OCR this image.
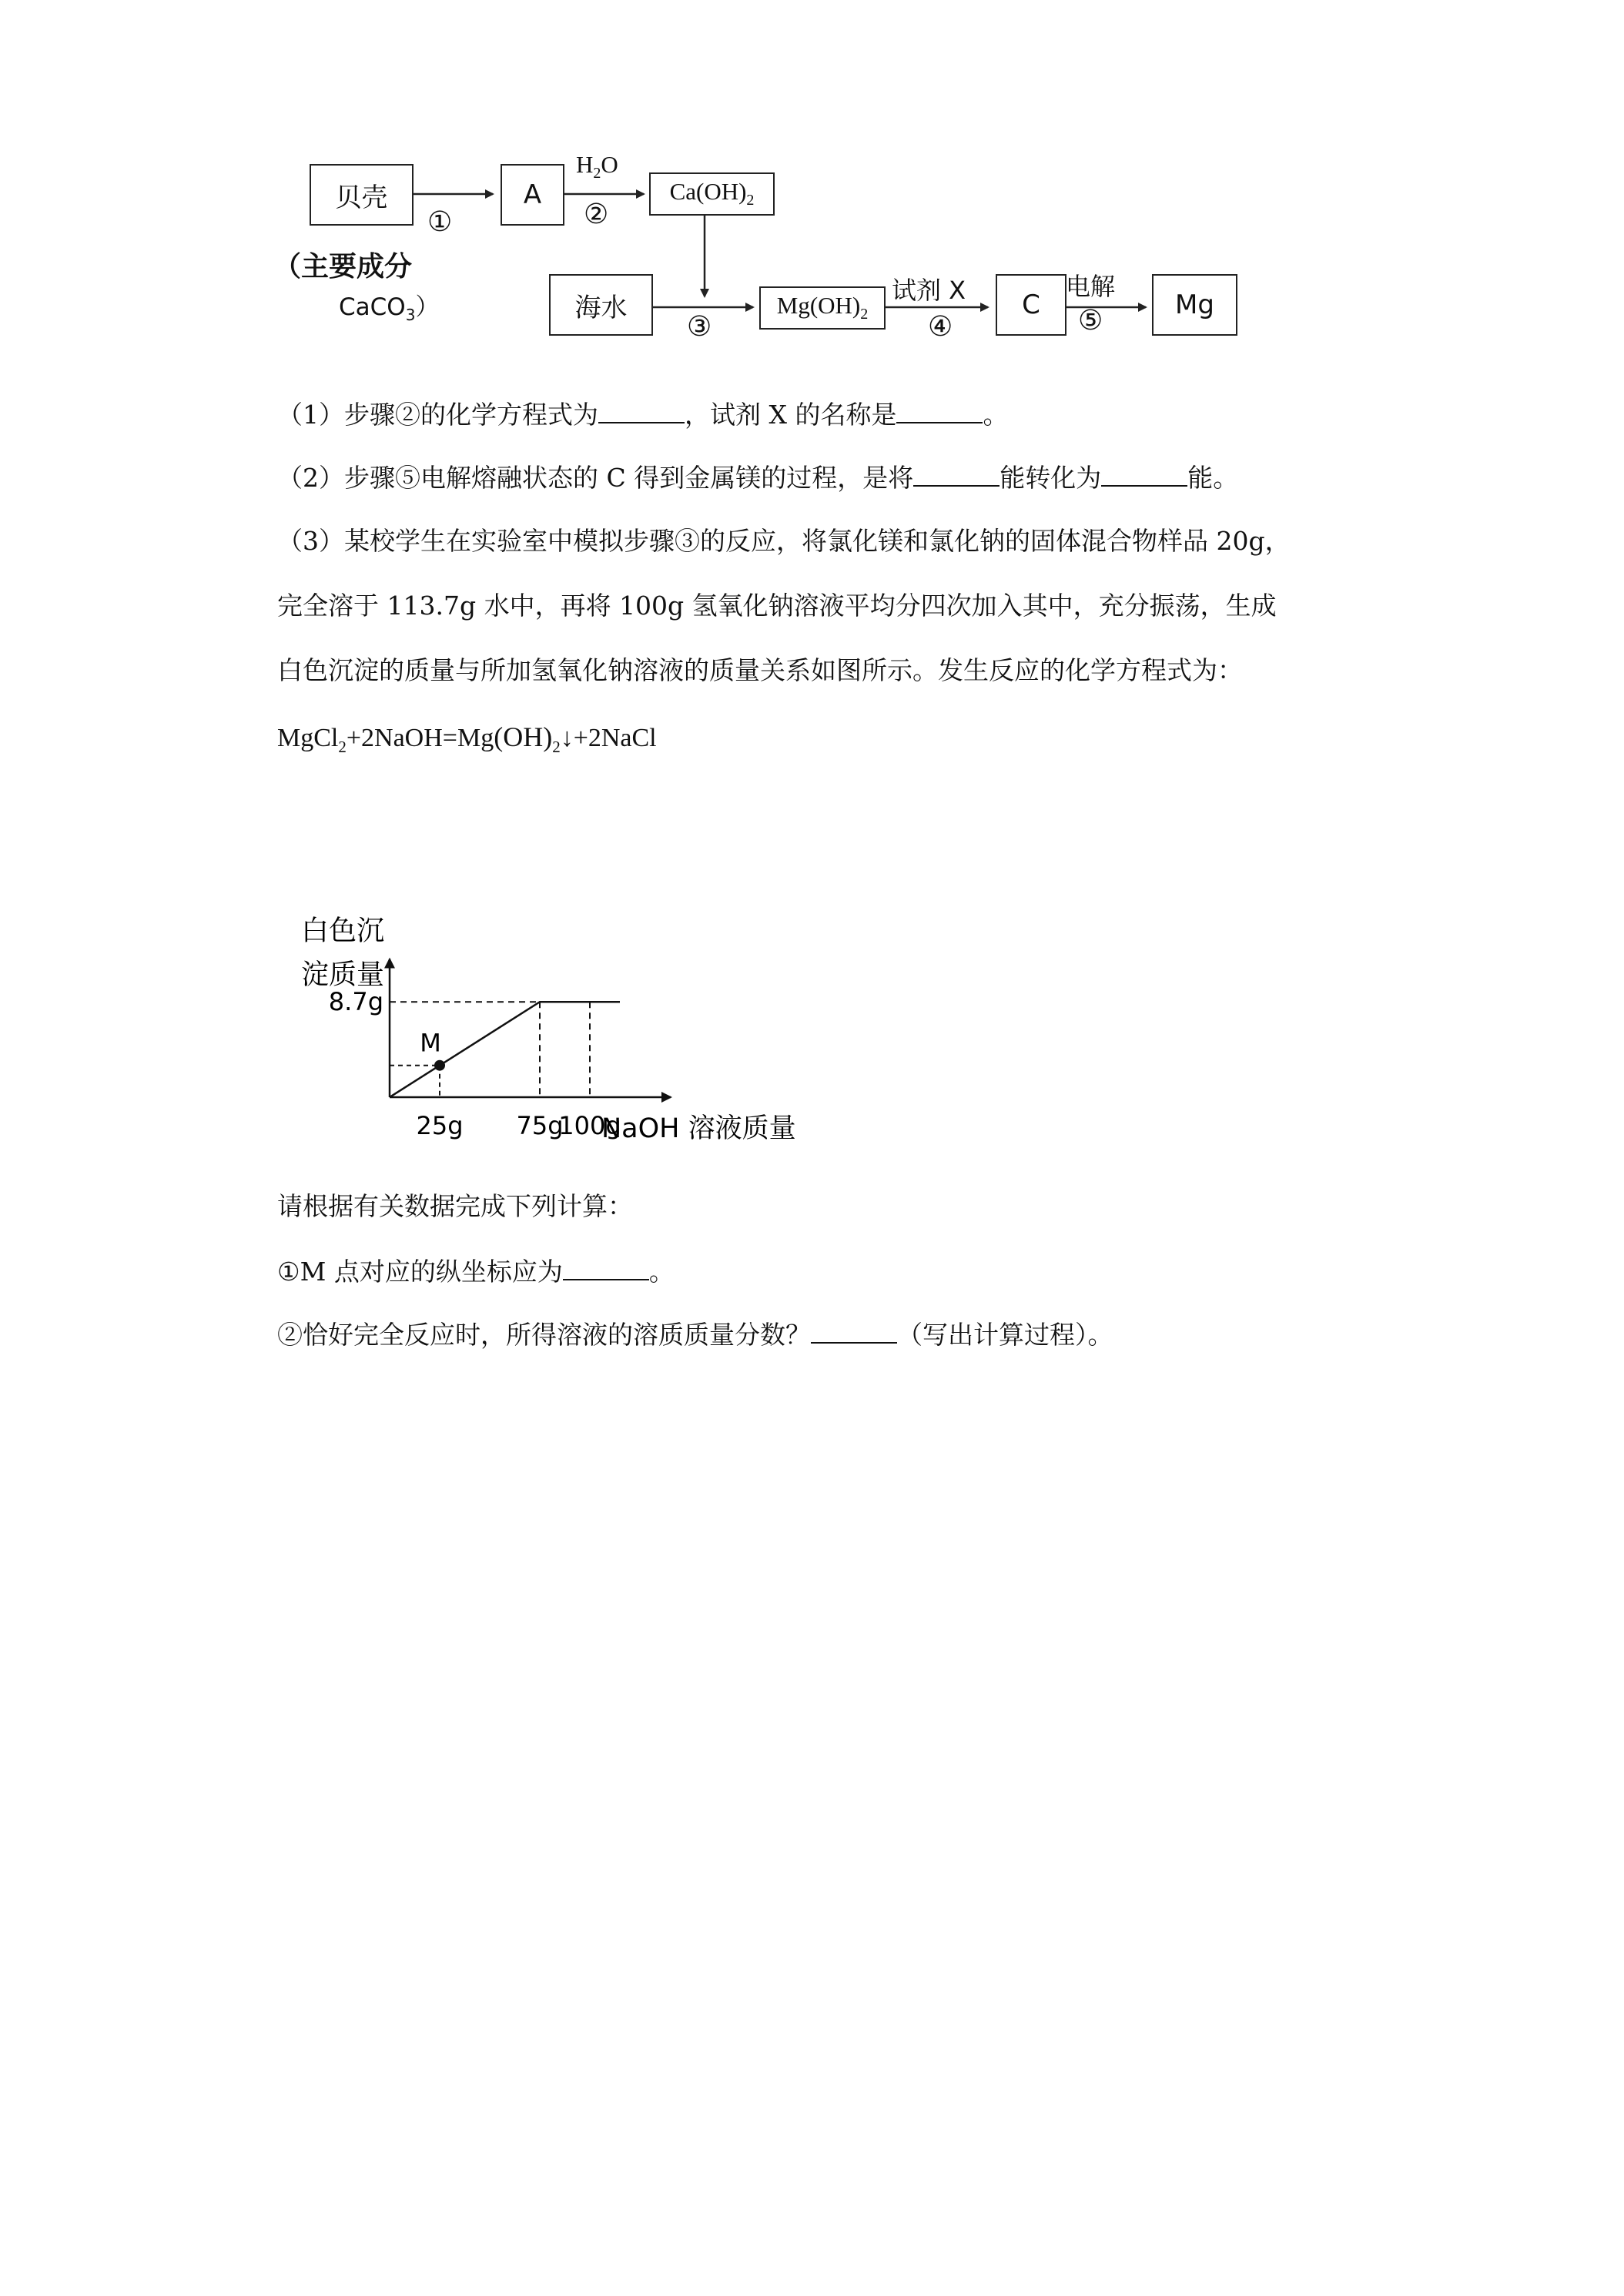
贝壳	A	$Ca(OH)_2$
海水	$Mg(OH)_2$	C	Mg
（主要成分
CaCO$_3$）
①	②
$H_2O$
③
试剂 X
④
电解
⑤
（1）步骤②的化学方程式为	，试剂 X 的名称是	。
（2）步骤⑤电解熔融状态的 C 得到金属镁的过程，是将	能转化为	能。
（3）某校学生在实验室中模拟步骤③的反应，将氯化镁和氯化钠的固体混合物样品 20g，
完全溶于 113.7g 水中，再将 100g 氢氧化钠溶液平均分四次加入其中，充分振荡，生成
白色沉淀的质量与所加氢氧化钠溶液的质量关系如图所示。发生反应的化学方程式为：
$MgCl_2+2NaOH=Mg(OH)_2↓+2NaCl$
M
25g 75g
100g
8.7g
白色沉
淀质量
NaOH 溶液质量
请根据有关数据完成下列计算：
①M 点对应的纵坐标应为	。
②恰好完全反应时，所得溶液的溶质质量分数？	（写出计算过程）。
